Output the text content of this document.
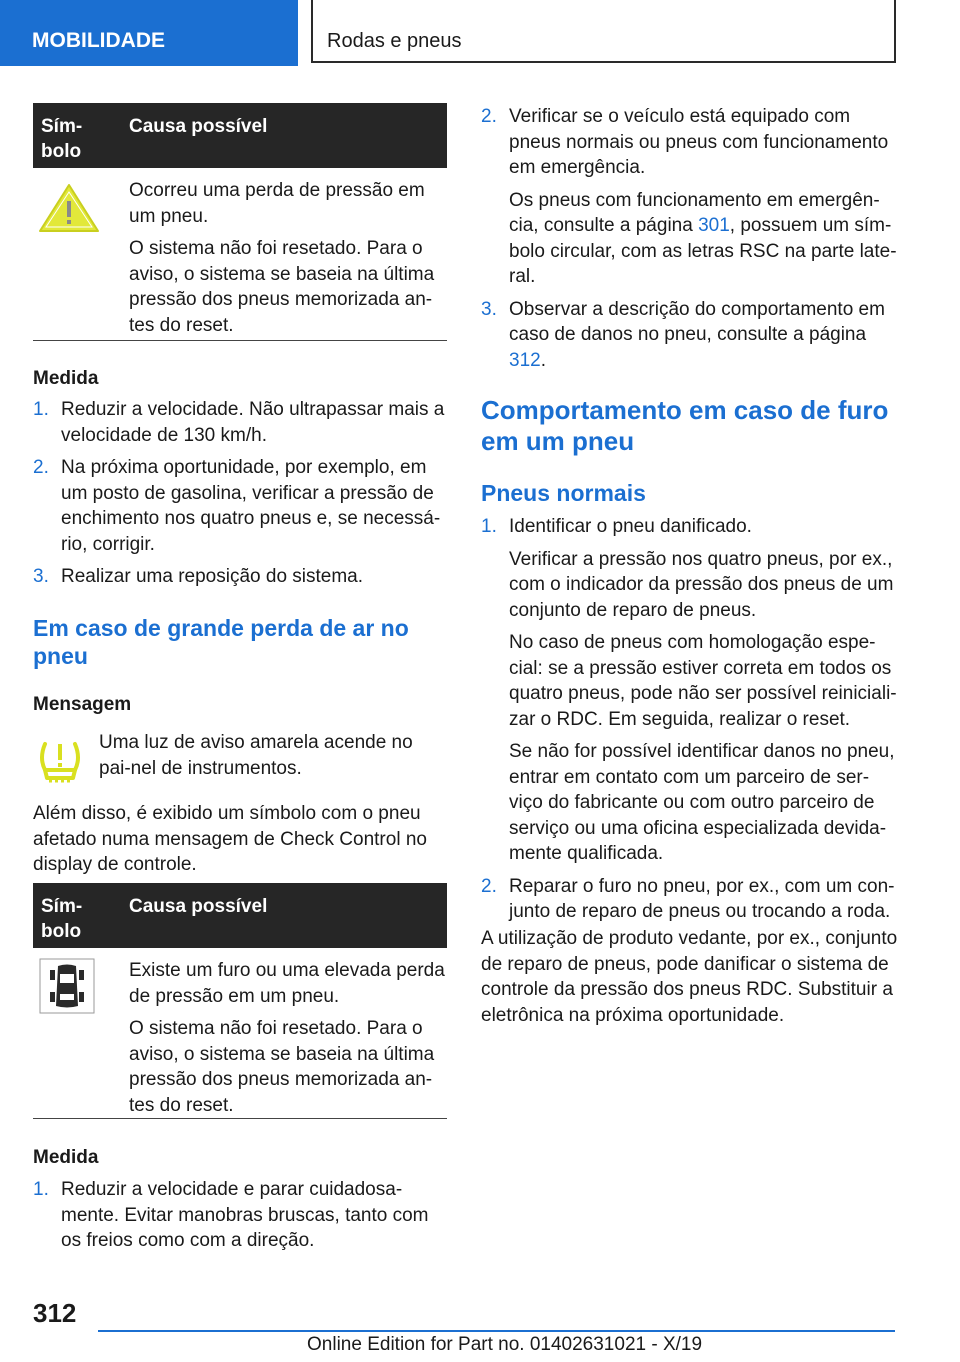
MOBILIDADE	Rodas e pneus
Sím-
bolo
Causa possível

Ocorreu uma perda de pressão em um pneu.

O sistema não foi resetado. Para o aviso, o sistema se baseia na última pressão dos pneus memorizada an-tes do reset.

Medida
1. Reduzir a velocidade. Não ultrapassar mais a velocidade de 130 km/h.
2. Na próxima oportunidade, por exemplo, em um posto de gasolina, verificar a pressão de enchimento nos quatro pneus e, se necessá-rio, corrigir.
3. Realizar uma reposição do sistema.
Em caso de grande perda de ar no pneu
Mensagem
Uma luz de aviso amarela acende no pai-nel de instrumentos.
Além disso, é exibido um símbolo com o pneu afetado numa mensagem de Check Control no display de controle.
Sím-
bolo
Causa possível

Existe um furo ou uma elevada perda de pressão em um pneu.

O sistema não foi resetado. Para o aviso, o sistema se baseia na última pressão dos pneus memorizada an-tes do reset.

Medida
1. Reduzir a velocidade e parar cuidadosa-mente. Evitar manobras bruscas, tanto com os freios como com a direção.
2. Verificar se o veículo está equipado com pneus normais ou pneus com funcionamento em emergência.

Os pneus com funcionamento em emergên-cia, consulte a página 301, possuem um sím-bolo circular, com as letras RSC na parte late-ral.

3. Observar a descrição do comportamento em caso de danos no pneu, consulte a página 312.
Comportamento em caso de furo em um pneu
Pneus normais
1. Identificar o pneu danificado.

Verificar a pressão nos quatro pneus, por ex., com o indicador da pressão dos pneus de um conjunto de reparo de pneus.

No caso de pneus com homologação espe-cial: se a pressão estiver correta em todos os quatro pneus, pode não ser possível reiniciali-zar o RDC. Em seguida, realizar o reset.

Se não for possível identificar danos no pneu, entrar em contato com um parceiro de ser-viço do fabricante ou com outro parceiro de serviço ou uma oficina especializada devida-mente qualificada.

2. Reparar o furo no pneu, por ex., com um con-junto de reparo de pneus ou trocando a roda.
A utilização de produto vedante, por ex., conjunto de reparo de pneus, pode danificar o sistema de controle da pressão dos pneus RDC. Substituir a eletrônica na próxima oportunidade.
312
Online Edition for Part no. 01402631021 - X/19
